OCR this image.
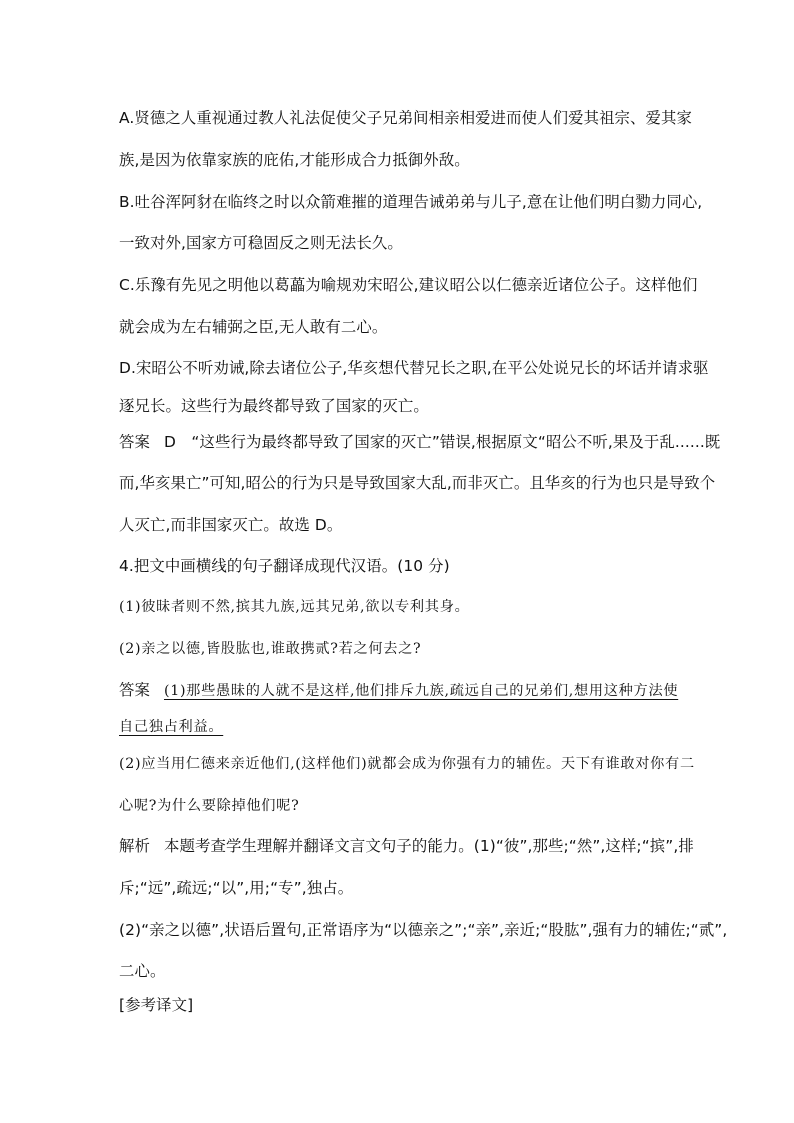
A.贤德之人重视通过教人礼法促使父子兄弟间相亲相爱进而使人们爱其祖宗、爱其家

族,是因为依靠家族的庇佑,才能形成合力抵御外敌。

B.吐谷浑阿豺在临终之时以众箭难摧的道理告诫弟弟与儿子,意在让他们明白勠力同心,

一致对外,国家方可稳固反之则无法长久。

C.乐豫有先见之明他以葛藟为喻规劝宋昭公,建议昭公以仁德亲近诸位公子。这样他们

就会成为左右辅弼之臣,无人敢有二心。

D.宋昭公不听劝诫,除去诸位公子,华亥想代替兄长之职,在平公处说兄长的坏话并请求驱

逐兄长。这些行为最终都导致了国家的灭亡。

答案 D　“这些行为最终都导致了国家的灭亡”错误,根据原文“昭公不听,果及于乱......既

而,华亥果亡”可知,昭公的行为只是导致国家大乱,而非灭亡。且华亥的行为也只是导致个

人灭亡,而非国家灭亡。故选 D。

4.把文中画横线的句子翻译成现代汉语。(10 分)

(1)彼昧者则不然,摈其九族,远其兄弟,欲以专利其身。

(2)亲之以德,皆股肱也,谁敢携贰?若之何去之?

答案 (1)那些愚昧的人就不是这样,他们排斥九族,疏远自己的兄弟们,想用这种方法使

自己独占利益。

(2)应当用仁德来亲近他们,(这样他们)就都会成为你强有力的辅佐。天下有谁敢对你有二

心呢?为什么要除掉他们呢?

解析 本题考查学生理解并翻译文言文句子的能力。(1)“彼”,那些;“然”,这样;“摈”,排

斥;“远”,疏远;“以”,用;“专”,独占。

(2)“亲之以德”,状语后置句,正常语序为“以德亲之”;“亲”,亲近;“股肱”,强有力的辅佐;“贰”,

二心。

[参考译文]
